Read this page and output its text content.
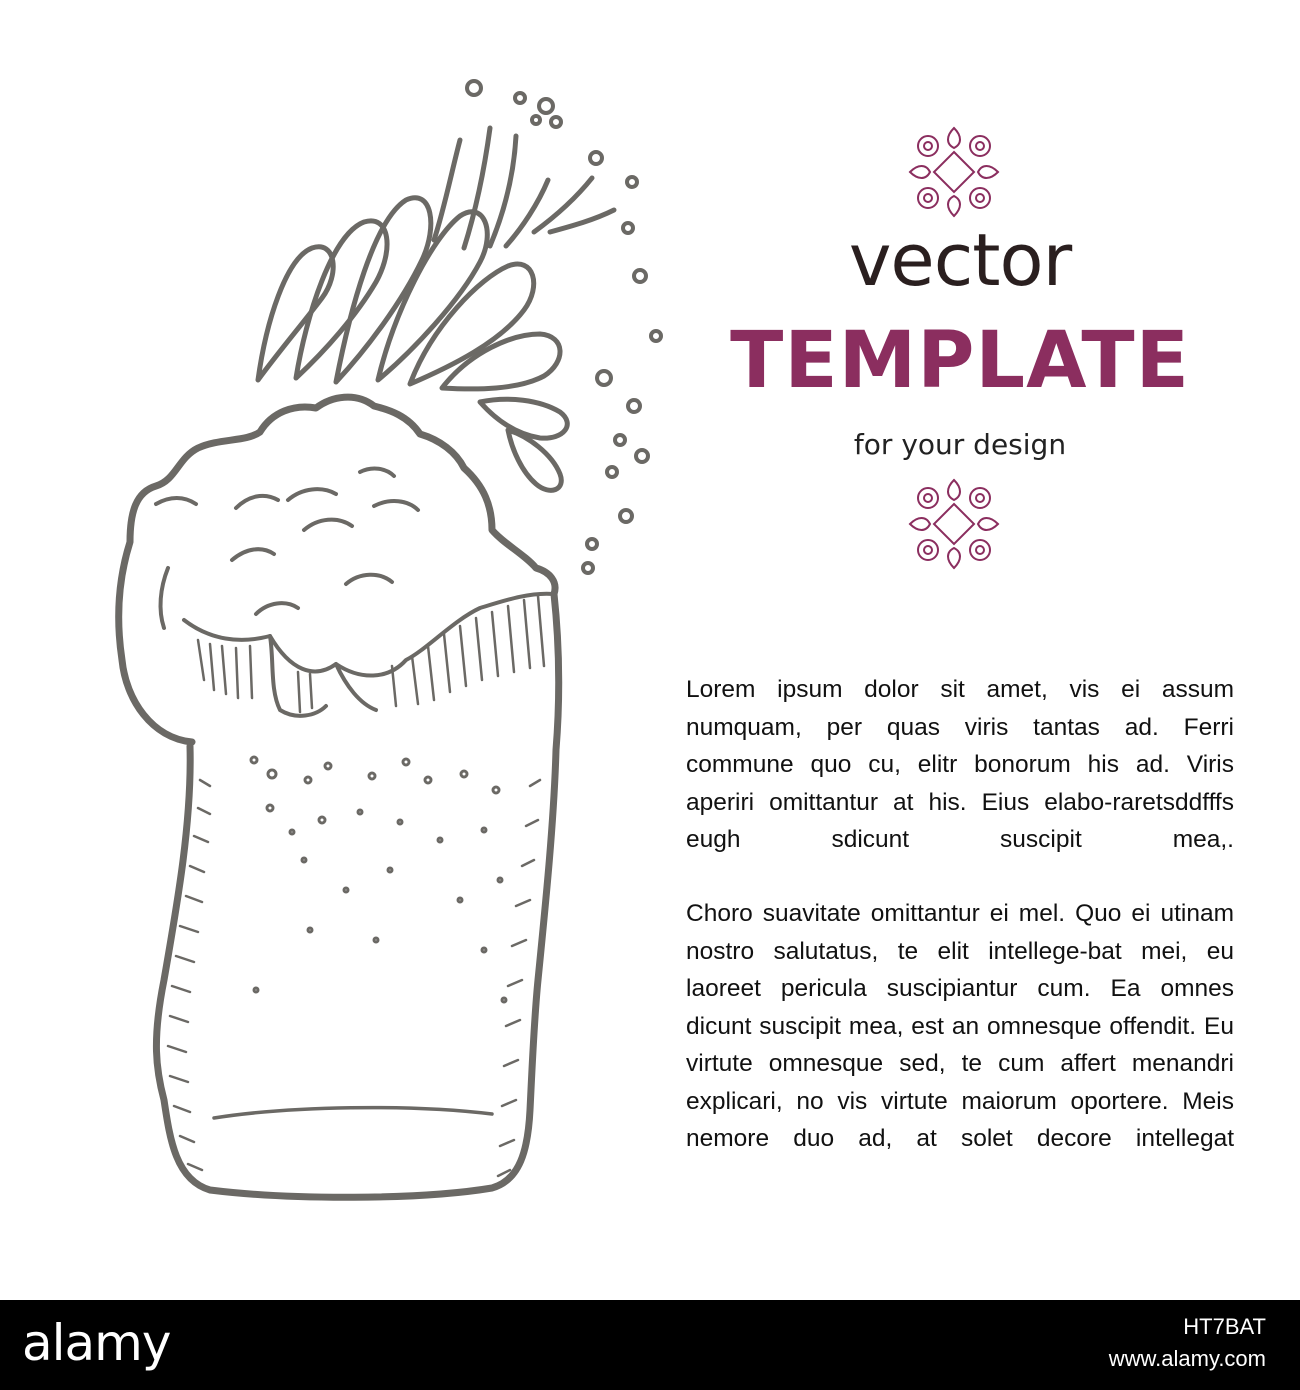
vector
TEMPLATE
for your design

Lorem ipsum dolor sit amet, vis ei assum numquam, per quas viris tantas ad. Ferri commune quo cu, elitr bonorum his ad. Viris aperiri omittantur at his. Eius elabo-raretsddfffs eugh sdicunt suscipit mea,.

Choro suavitate omittantur ei mel. Quo ei utinam nostro salutatus, te elit intellege-bat mei, eu laoreet pericula suscipiantur cum. Ea omnes dicunt suscipit mea, est an omnesque offendit. Eu virtute omnesque sed, te cum affert menandri explicari, no vis virtute maiorum oportere. Meis nemore duo ad, at solet decore intellegat

alamy	HT7BAT
www.alamy.com
